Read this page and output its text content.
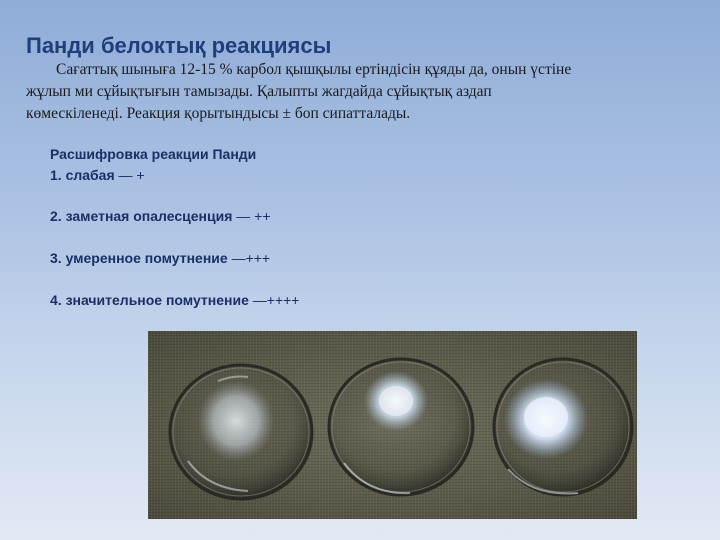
Панди белоктық реакциясы
Сағаттық шыныға 12-15 % карбол қышқылы ертіндісін құяды да, онын үстіне
жұлып ми сұйықтығын тамызады. Қалыпты жагдайда сұйықтық аздап
көмескіленеді. Реакция қорытындысы ± боп сипатталады.
Расшифровка реакции Панди
1. слабая — +
2. заметная опалесценция — ++
3. умеренное помутнение —+++
4. значительное помутнение —++++
